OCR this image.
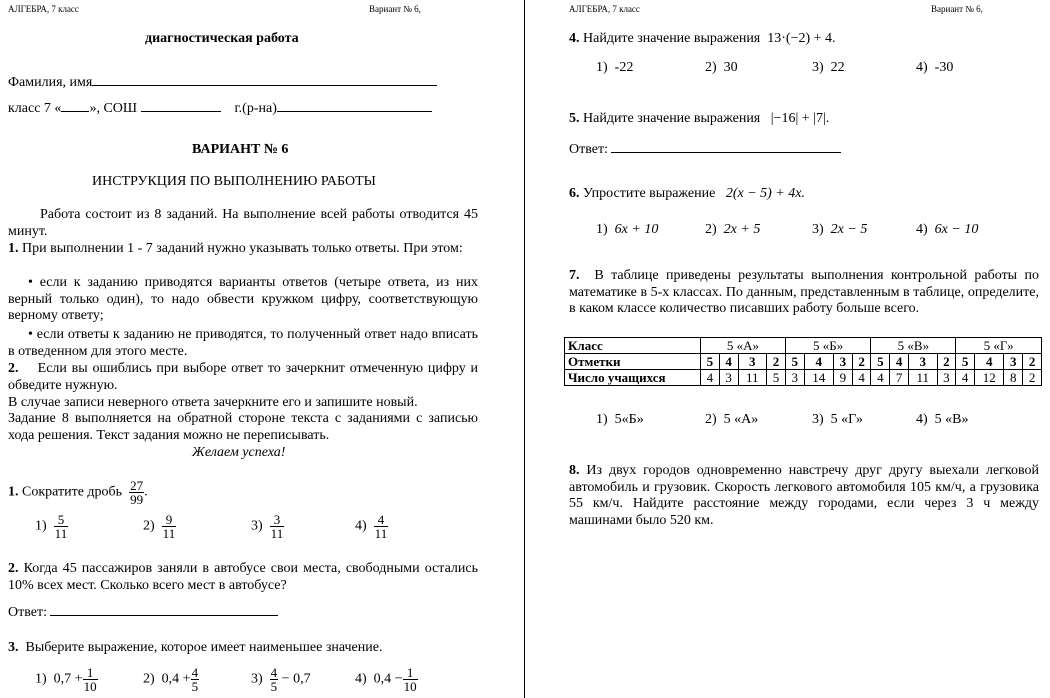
АЛГЕБРА, 7 класс	Вариант № 6,	АЛГЕБРА, 7 класс	Вариант № 6,
диагностическая работа
Фамилия, имя
класс 7 « », СОШ	г.(р-на)
ВАРИАНТ № 6
ИНСТРУКЦИЯ ПО ВЫПОЛНЕНИЮ РАБОТЫ
Работа состоит из 8 заданий. На выполнение всей работы отводится 45 минут.
1. При выполнении 1 - 7 заданий нужно указывать только ответы. При этом:
• если к заданию приводятся варианты ответов (четыре ответа, из них верный только один), то надо обвести кружком цифру, соответствующую верному ответу;
• если ответы к заданию не приводятся, то полученный ответ надо вписать в отведенном для этого месте.
2. Если вы ошиблись при выборе ответ то зачеркнит отмеченную цифру и обведите нужную.
В случае записи неверного ответа зачеркните его и запишите новый.
Задание 8 выполняется на обратной стороне текста с заданиями с записью хода решения. Текст задания можно не переписывать.
Желаем успеха!
1. Сократите дробь $\frac{27}{99}$ .
$1) \frac{5}{11}$	$2) \frac{9}{11}$	$3) \frac{3}{11}$	$4) \frac{4}{11}$
2. Когда 45 пассажиров заняли в автобусе свои места, свободными остались 10% всех мест. Сколько всего мест в автобусе?
Ответ:
3. Выберите выражение, которое имеет наименьшее значение.
1) $0,7 + \frac{1}{10}$	2) $0,4 + \frac{4}{5}$	$3) \frac{4}{5} - 0,7$	4) $0,4 - \frac{1}{10}$
4. Найдите значение выражения 13·(−2) + 4.
1) -22	2) 30	3) 22	4) -30
5. Найдите значение выражения |−16| + |7|.
Ответ:
6. Упростите выражение 2(x − 5) + 4x.
1) 6x + 10	2) 2x + 5	3) 2x − 5	4) 6x − 10
7. В таблице приведены результаты выполнения контрольной работы по математике в 5-х классах. По данным, представленным в таблице, определите, в каком классе количество писавших работу больше всего.
Класс	5 «А»				5 «Б»				5 «В»				5 «Г»			
Отметки	5	4	3	2	5	4	3	2	5	4	3	2	5	4	3	2
Число учащихся	4	3	11	5	3	14	9	4	4	7	11	3	4	12	8	2
1) 5«Б»	2) 5 «А»	3) 5 «Г»	4) 5 «В»
8. Из двух городов одновременно навстречу друг другу выехали легковой автомобиль и грузовик. Скорость легкового автомобиля 105 км/ч, а грузовика 55 км/ч. Найдите расстояние между городами, если через 3 ч между машинами было 520 км.
